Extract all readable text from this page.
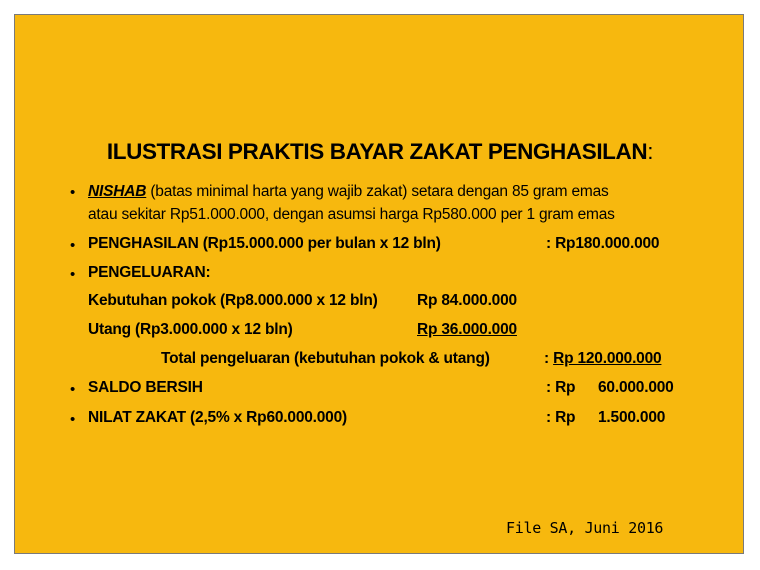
ILUSTRASI PRAKTIS BAYAR ZAKAT PENGHASILAN:
• NISHAB (batas minimal harta yang wajib zakat) setara dengan 85 gram emas
atau sekitar Rp51.000.000, dengan asumsi harga Rp580.000 per 1 gram emas
• PENGHASILAN (Rp15.000.000 per bulan x 12 bln)	: Rp180.000.000
• PENGELUARAN:
Kebutuhan pokok (Rp8.000.000 x 12 bln)	Rp 84.000.000
Utang (Rp3.000.000 x 12 bln)	Rp 36.000.000
Total pengeluaran (kebutuhan pokok & utang)	: Rp 120.000.000
• SALDO BERSIH	: Rp 60.000.000
• NILAT ZAKAT (2,5% x Rp60.000.000)	: Rp 1.500.000
File SA, Juni 2016
